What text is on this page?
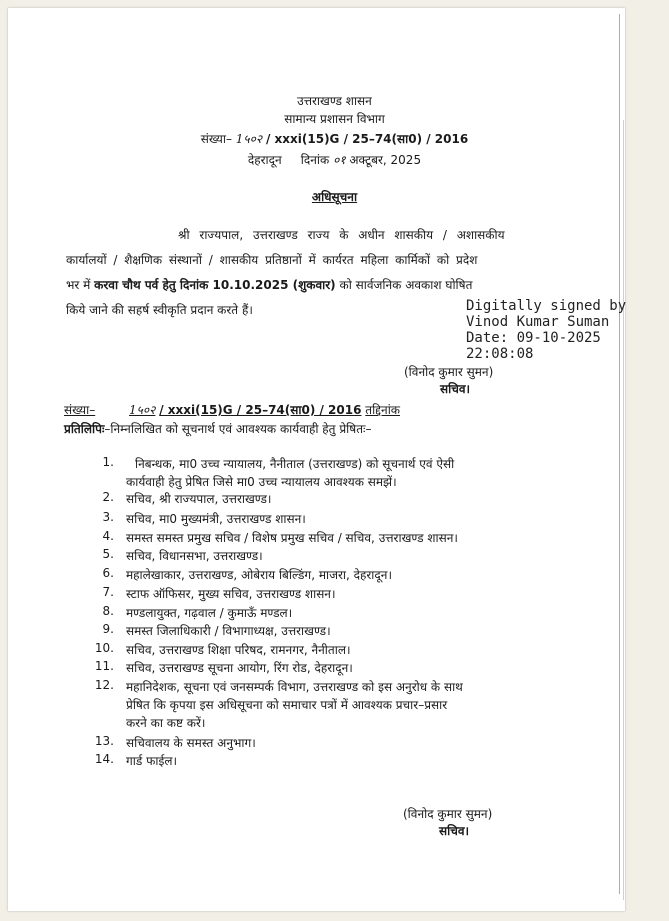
उत्तराखण्ड शासन
सामान्य प्रशासन विभाग
संख्या– 1५०२ / xxxi(15)G / 25–74(सा0) / 2016
देहरादून दिनांक ०१ अक्टूबर, 2025
अधिसूचना
श्री राज्यपाल, उत्तराखण्ड राज्य के अधीन शासकीय / अशासकीय
कार्यालयों / शैक्षणिक संस्थानों / शासकीय प्रतिष्ठानों में कार्यरत महिला कार्मिकों को प्रदेश
भर में करवा चौथ पर्व हेतु दिनांक 10.10.2025 (शुकवार) को सार्वजनिक अवकाश घोषित
किये जाने की सहर्ष स्वीकृति प्रदान करते हैं।	Digitally signed by
Vinod Kumar Suman
Date: 09-10-2025
22:08:08
(विनोद कुमार सुमन)
सचिव।
संख्या–	1५०२ / xxxi(15)G / 25–74(सा0) / 2016 तद्दिनांक
प्रतिलिपिः–निम्नलिखित को सूचनार्थ एवं आवश्यक कार्यवाही हेतु प्रेषितः–
1. निबन्धक, मा0 उच्च न्यायालय, नैनीताल (उत्तराखण्ड) को सूचनार्थ एवं ऐसी
कार्यवाही हेतु प्रेषित जिसे मा0 उच्च न्यायालय आवश्यक समझें।
2. सचिव, श्री राज्यपाल, उत्तराखण्ड।
3. सचिव, मा0 मुख्यमंत्री, उत्तराखण्ड शासन।
4. समस्त समस्त प्रमुख सचिव / विशेष प्रमुख सचिव / सचिव, उत्तराखण्ड शासन।
5. सचिव, विधानसभा, उत्तराखण्ड।
6. महालेखाकार, उत्तराखण्ड, ओबेराय बिल्डिंग, माजरा, देहरादून।
7. स्टाफ ऑफिसर, मुख्य सचिव, उत्तराखण्ड शासन।
8. मण्डलायुक्त, गढ़वाल / कुमाऊँ मण्डल।
9. समस्त जिलाधिकारी / विभागाध्यक्ष, उत्तराखण्ड।
10. सचिव, उत्तराखण्ड शिक्षा परिषद, रामनगर, नैनीताल।
11. सचिव, उत्तराखण्ड सूचना आयोग, रिंग रोड, देहरादून।
12. महानिदेशक, सूचना एवं जनसम्पर्क विभाग, उत्तराखण्ड को इस अनुरोध के साथ
प्रेषित कि कृपया इस अधिसूचना को समाचार पत्रों में आवश्यक प्रचार–प्रसार
करने का कष्ट करें।
13. सचिवालय के समस्त अनुभाग।
14. गार्ड फाईल।
(विनोद कुमार सुमन)
सचिव।
